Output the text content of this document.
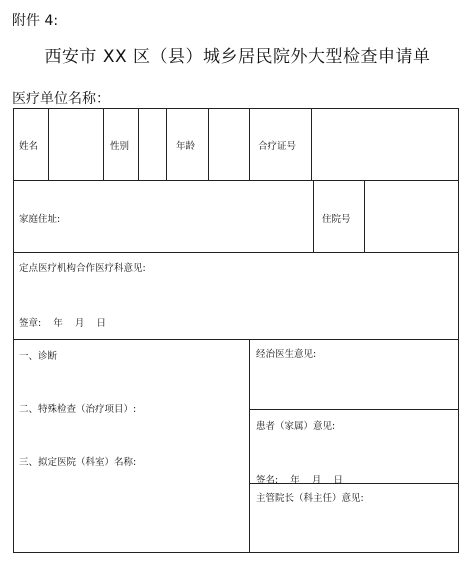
附件 4:
西安市 XX 区（县）城乡居民院外大型检查申请单
医疗单位名称：
姓名	性别	年龄	合疗证号
家庭住址:	住院号
定点医疗机构合作医疗科意见:
签章:    年    月    日
一、诊断
二、特殊检查（治疗项目）:
三、拟定医院（科室）名称:
经治医生意见:
患者（家属）意见:
签名:    年    月    日
主管院长（科主任）意见:
